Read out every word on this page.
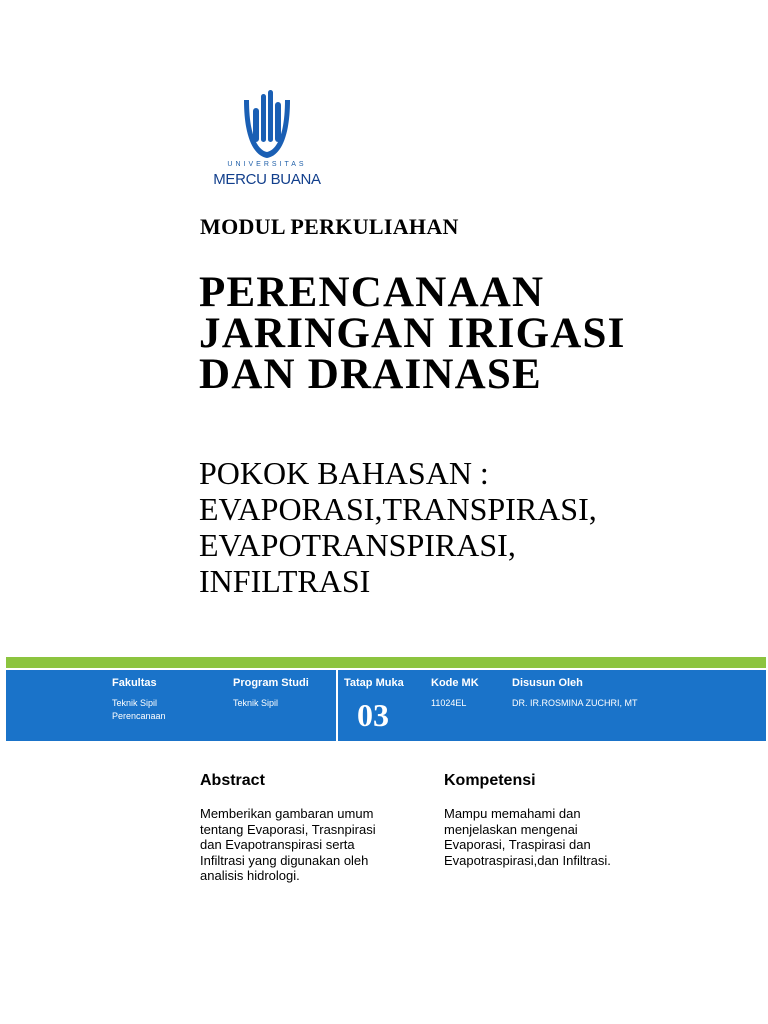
UNIVERSITAS
MERCU BUANA
MODUL PERKULIAHAN
PERENCANAAN
JARINGAN IRIGASI
DAN DRAINASE
POKOK BAHASAN :
EVAPORASI,TRANSPIRASI,
EVAPOTRANSPIRASI,
INFILTRASI
Fakultas
Teknik Sipil
Perencanaan
Program Studi
Teknik Sipil
Tatap Muka
03
Kode MK
11024EL
Disusun Oleh
DR. IR.ROSMINA ZUCHRI, MT
Abstract
Memberikan gambaran umum
tentang Evaporasi, Trasnpirasi
dan Evapotranspirasi serta
Infiltrasi yang digunakan oleh
analisis hidrologi.
Kompetensi
Mampu memahami dan
menjelaskan mengenai
Evaporasi, Traspirasi dan
Evapotraspirasi,dan Infiltrasi.
